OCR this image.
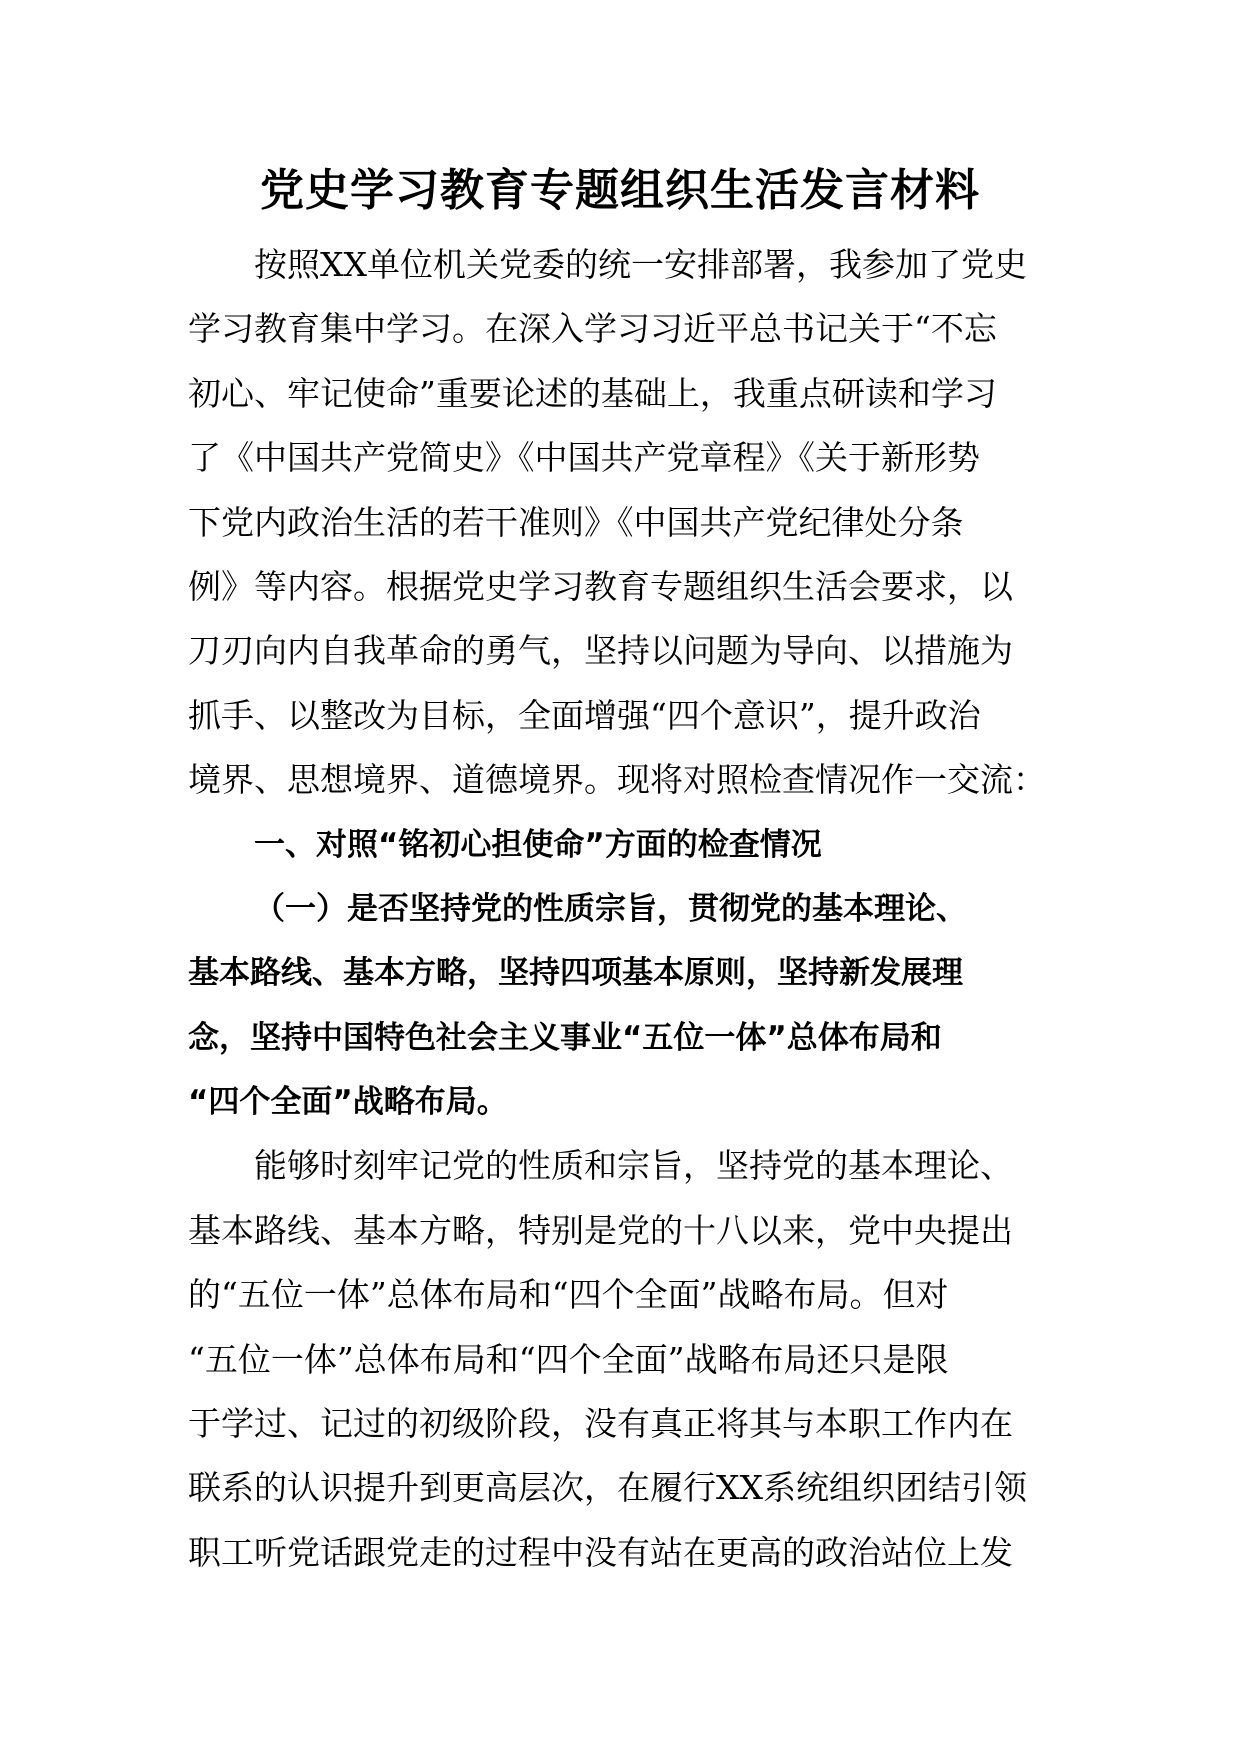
党史学习教育专题组织生活发言材料
按照XX单位机关党委的统一安排部署，我参加了党史
学习教育集中学习。在深入学习习近平总书记关于“不忘
初心、牢记使命”重要论述的基础上，我重点研读和学习
了《中国共产党简史》《中国共产党章程》《关于新形势
下党内政治生活的若干准则》《中国共产党纪律处分条
例》等内容。根据党史学习教育专题组织生活会要求，以
刀刃向内自我革命的勇气，坚持以问题为导向、以措施为
抓手、以整改为目标，全面增强“四个意识”，提升政治
境界、思想境界、道德境界。现将对照检查情况作一交流：
一、对照“铭初心担使命”方面的检查情况
（一）是否坚持党的性质宗旨，贯彻党的基本理论、
基本路线、基本方略，坚持四项基本原则，坚持新发展理
念，坚持中国特色社会主义事业“五位一体”总体布局和
“四个全面”战略布局。
能够时刻牢记党的性质和宗旨，坚持党的基本理论、
基本路线、基本方略，特别是党的十八以来，党中央提出
的“五位一体”总体布局和“四个全面”战略布局。但对
“五位一体”总体布局和“四个全面”战略布局还只是限
于学过、记过的初级阶段，没有真正将其与本职工作内在
联系的认识提升到更高层次，在履行XX系统组织团结引领
职工听党话跟党走的过程中没有站在更高的政治站位上发
